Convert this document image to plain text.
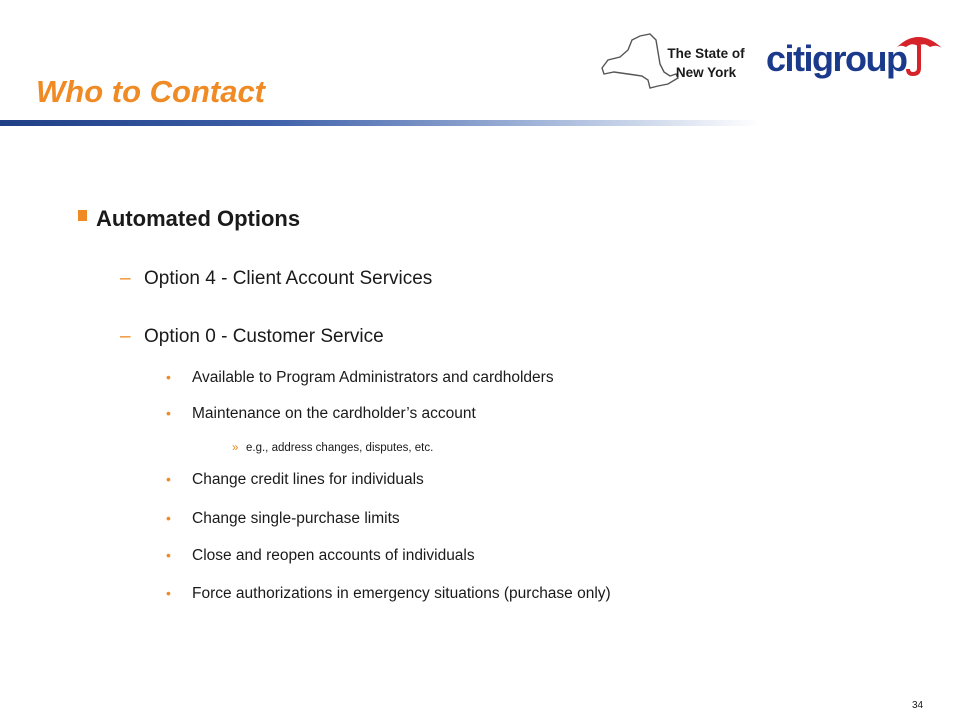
The State of
New York citigroup
Who to Contact
Automated Options
– Option 4 - Client Account Services
– Option 0 - Customer Service
• Available to Program Administrators and cardholders
• Maintenance on the cardholder’s account
» e.g., address changes, disputes, etc.
• Change credit lines for individuals
• Change single-purchase limits
• Close and reopen accounts of individuals
• Force authorizations in emergency situations (purchase only)
34
